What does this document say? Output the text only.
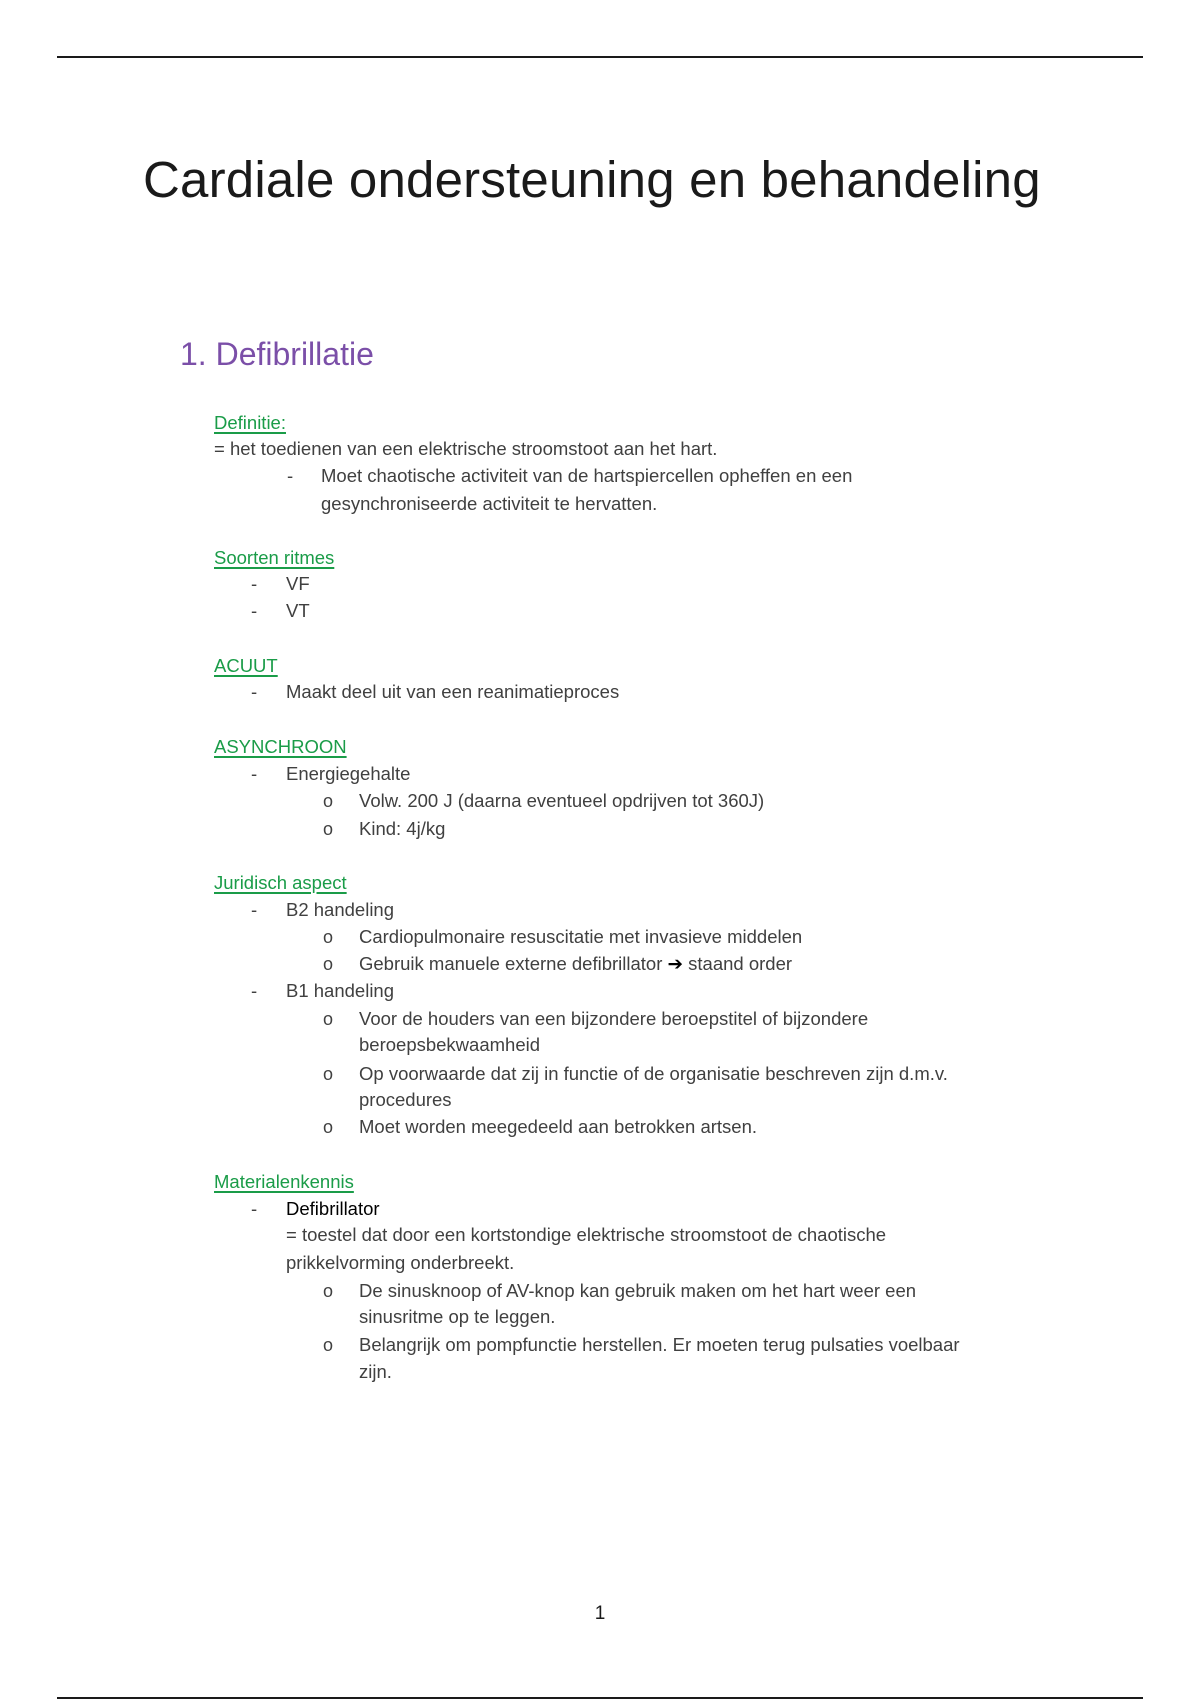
Cardiale ondersteuning en behandeling
1. Defibrillatie
Definitie:
= het toedienen van een elektrische stroomstoot aan het hart.
- Moet chaotische activiteit van de hartspiercellen opheffen en een
gesynchroniseerde activiteit te hervatten.
Soorten ritmes
- VF
- VT
ACUUT
- Maakt deel uit van een reanimatieproces
ASYNCHROON
- Energiegehalte
o Volw. 200 J (daarna eventueel opdrijven tot 360J)
o Kind: 4j/kg
Juridisch aspect
- B2 handeling
o Cardiopulmonaire resuscitatie met invasieve middelen
o Gebruik manuele externe defibrillator ➔ staand order
- B1 handeling
o Voor de houders van een bijzondere beroepstitel of bijzondere
beroepsbekwaamheid
o Op voorwaarde dat zij in functie of de organisatie beschreven zijn d.m.v.
procedures
o Moet worden meegedeeld aan betrokken artsen.
Materialenkennis
- Defibrillator
= toestel dat door een kortstondige elektrische stroomstoot de chaotische
prikkelvorming onderbreekt.
o De sinusknoop of AV-knop kan gebruik maken om het hart weer een
sinusritme op te leggen.
o Belangrijk om pompfunctie herstellen. Er moeten terug pulsaties voelbaar
zijn.
1
